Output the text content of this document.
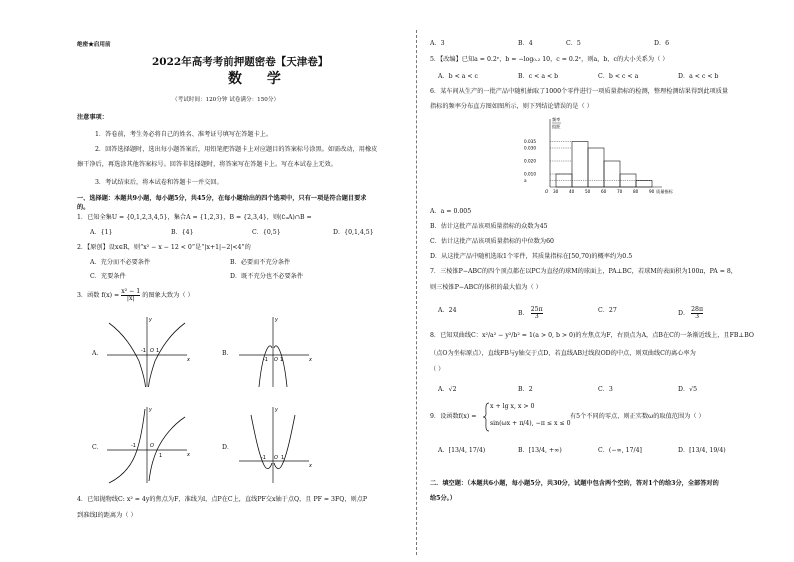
绝密★启用前
2022年高考考前押题密卷【天津卷】
数 学
（考试时间：120分钟 试卷满分：150分）
注意事项：
1．答卷前，考生务必将自己的姓名、准考证号填写在答题卡上。
2．回答选择题时，选出每小题答案后，用铅笔把答题卡上对应题目的答案标号涂黑。如需改动，用橡皮
擦干净后，再选涂其他答案标号。回答非选择题时，将答案写在答题卡上。写在本试卷上无效。
3．考试结束后，将本试卷和答题卡一并交回。
一、选择题：本题共9小题，每小题5分，共45分，在每小题给出的四个选项中，只有一项是符合题目要求
的。
1．已知全集U = {0,1,2,3,4,5}，集合A = {1,2,3}，B = {2,3,4}，则(∁ᵤA)∩B =
A．{1}	B．{4}	C．{0,5}	D．{0,1,4,5}
2．【原创】设x∈R，则“x² − x − 12 < 0”是“|x+1|−2|<4”的
A．充分而不必要条件	B．必要而不充分条件
C．充要条件	D．既不充分也不必要条件
3．函数 $f(x) = \frac{\text{x² − 1}}{|x|}$ 的图象大致为（ ）
A．
x
y
-1 O 1	B．
x
y
-1 O 1
C．
x
y
-1	O
1
D．
x
y
-1 O 1
4．已知抛物线C: x² = 4y的焦点为F，准线为l，点P在C上，直线PF交x轴于点Q，且 PF = 3FQ，则点P
到准线l的距离为（ ）
A．3	B．4	C．5	D．6
5．【改编】已知a = 0.2ᵉ，b = −log₀.₂ 10，c = 0.2ᵉ，则a，b，c的大小关系为（ ）
A．b < a < c	B．c < a < b	C．b < c < a	D．a < c < b
6．某车间从生产的一批产品中随机抽取了1000个零件进行一项质量指标的检测，整理检测结果得到此项质量
指标的频率分布直方图如图所示，则下列结论错误的是（ ）
0.035
0.030
0.020
0.010
a
30	40	50	60	70	80	90
O
频率
组距
质量指标
A．a = 0.005
B．估计这批产品该项质量指标的众数为45
C．估计这批产品该项质量指标的中位数为60
D．从这批产品中随机选取1个零件，其质量指标在[50,70)的概率约为0.5
7．三棱锥P−ABC的四个顶点都在以PC为直径的球M的球面上，PA⊥BC，若球M的表面积为100π，PA = 8，
则三棱锥P−ABC的体积的最大值为（ ）
A．24	B． $\frac{25\pi}{3}$	C．27	D． $\frac{28\pi}{3}$
8．已知双曲线C：x²/a² − y²/b² = 1(a > 0, b > 0)的左焦点为F，右顶点为A，点B在C的一条渐近线上，且FB⊥BO
（点O为坐标原点），直线FB与y轴交于点D，若直线AB过线段OD的中点，则双曲线C的离心率为
（ ）
A．√2	B．2	C．3	D．√5
9．设函数f(x) =
x + lg x, x > 0
sin(ωx + π/4), −π ≤ x ≤ 0
有5个不同的零点，则正实数ω的取值范围为（ ）
A．[13/4, 17/4)	B．[13/4, +∞)	C．(−∞, 17/4]	D．[13/4, 19/4)
二．填空题：（本题共6小题，每小题5分，共30分，试题中包含两个空的，答对1个的给3分，全部答对的
给5分。）
